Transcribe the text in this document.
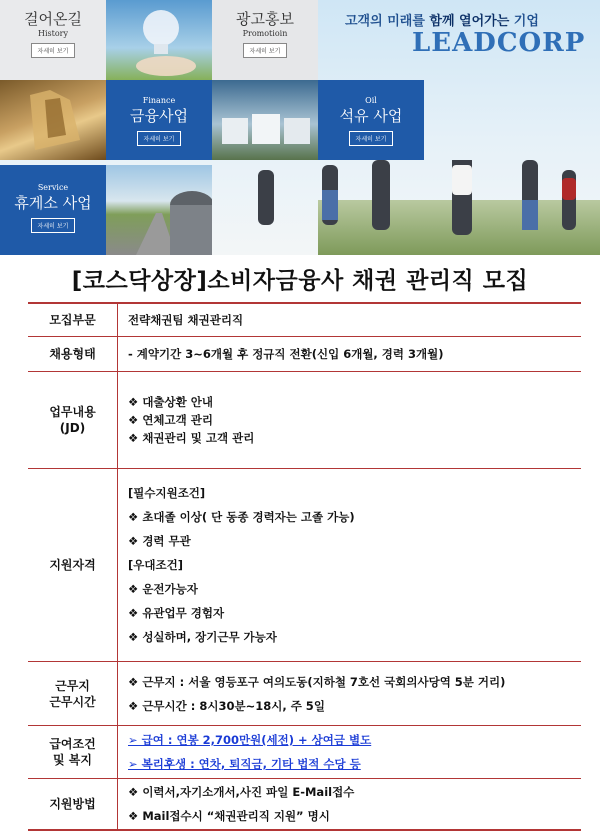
걸어온길
History
자세히 보기
광고홍보
Promotioin
자세히 보기
Finance
금융사업
자세히 보기
Oil
석유 사업
자세히 보기
Service
휴게소 사업
자세히 보기
고객의 미래를 함께 열어가는 기업
LEADCORP
[코스닥상장]소비자금융사 채권 관리직 모집
모집부문	전략채권팀 채권관리직
채용형태	- 계약기간 3~6개월 후 정규직 전환(신입 6개월, 경력 3개월)
업무내용
(JD)
❖ 대출상환 안내
❖ 연체고객 관리
❖ 채권관리 및 고객 관리
지원자격
[필수지원조건]
❖ 초대졸 이상( 단 동종 경력자는 고졸 가능)
❖ 경력 무관
[우대조건]
❖ 운전가능자
❖ 유관업무 경험자
❖ 성실하며, 장기근무 가능자
근무지
근무시간
❖ 근무지 : 서울 영등포구 여의도동(지하철 7호선 국회의사당역 5분 거리)
❖ 근무시간 : 8시30분~18시, 주 5일
급여조건
및 복지
➢ 급여 : 연봉 2,700만원(세전) + 상여금 별도
➢ 복리후생 : 연차, 퇴직금, 기타 법적 수당 등
지원방법
❖ 이력서,자기소개서,사진 파일 E-Mail접수
❖ Mail접수시 “채권관리직 지원” 명시
